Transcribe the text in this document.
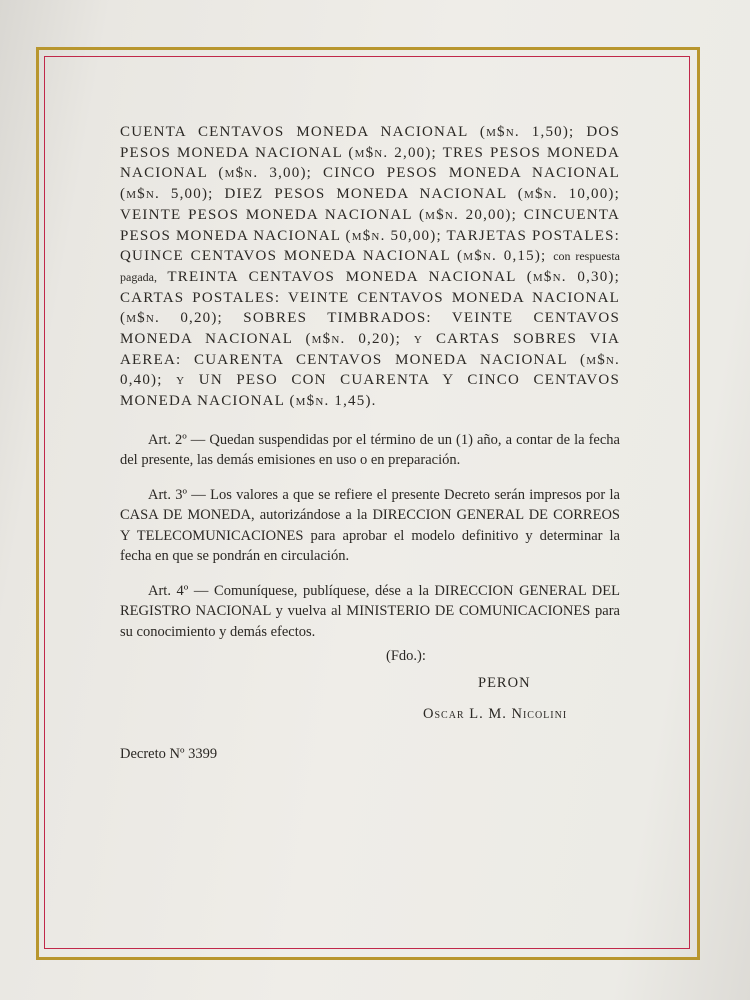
CUENTA CENTAVOS MONEDA NACIONAL (m$n. 1,50); DOS PESOS MONEDA NACIONAL (m$n. 2,00); TRES PESOS MONEDA NACIONAL (m$n. 3,00); CINCO PESOS MONEDA NACIONAL (m$n. 5,00); DIEZ PESOS MONEDA NACIONAL (m$n. 10,00); VEINTE PESOS MONEDA NACIONAL (m$n. 20,00); CINCUENTA PESOS MONEDA NACIONAL (m$n. 50,00); TARJETAS POSTALES: QUINCE CENTAVOS MONEDA NACIONAL (m$n. 0,15); con respuesta pagada, TREINTA CENTAVOS MONEDA NACIONAL (m$n. 0,30); CARTAS POSTALES: VEINTE CENTAVOS MONEDA NACIONAL (m$n. 0,20); SOBRES TIMBRADOS: VEINTE CENTAVOS MONEDA NACIONAL (m$n. 0,20); y CARTAS SOBRES VIA AEREA: CUARENTA CENTAVOS MONEDA NACIONAL (m$n. 0,40); y UN PESO CON CUARENTA Y CINCO CENTAVOS MONEDA NACIONAL (m$n. 1,45).

Art. 2º — Quedan suspendidas por el término de un (1) año, a contar de la fecha del presente, las demás emisiones en uso o en preparación.

Art. 3º — Los valores a que se refiere el presente Decreto serán impresos por la CASA DE MONEDA, autorizándose a la DIRECCION GENERAL DE CORREOS Y TELECOMUNICACIONES para aprobar el modelo definitivo y determinar la fecha en que se pondrán en circulación.

Art. 4º — Comuníquese, publíquese, dése a la DIRECCION GENERAL DEL REGISTRO NACIONAL y vuelva al MINISTERIO DE COMUNICACIONES para su conocimiento y demás efectos.

(Fdo.):
PERON
Oscar L. M. Nicolini
Decreto Nº 3399
